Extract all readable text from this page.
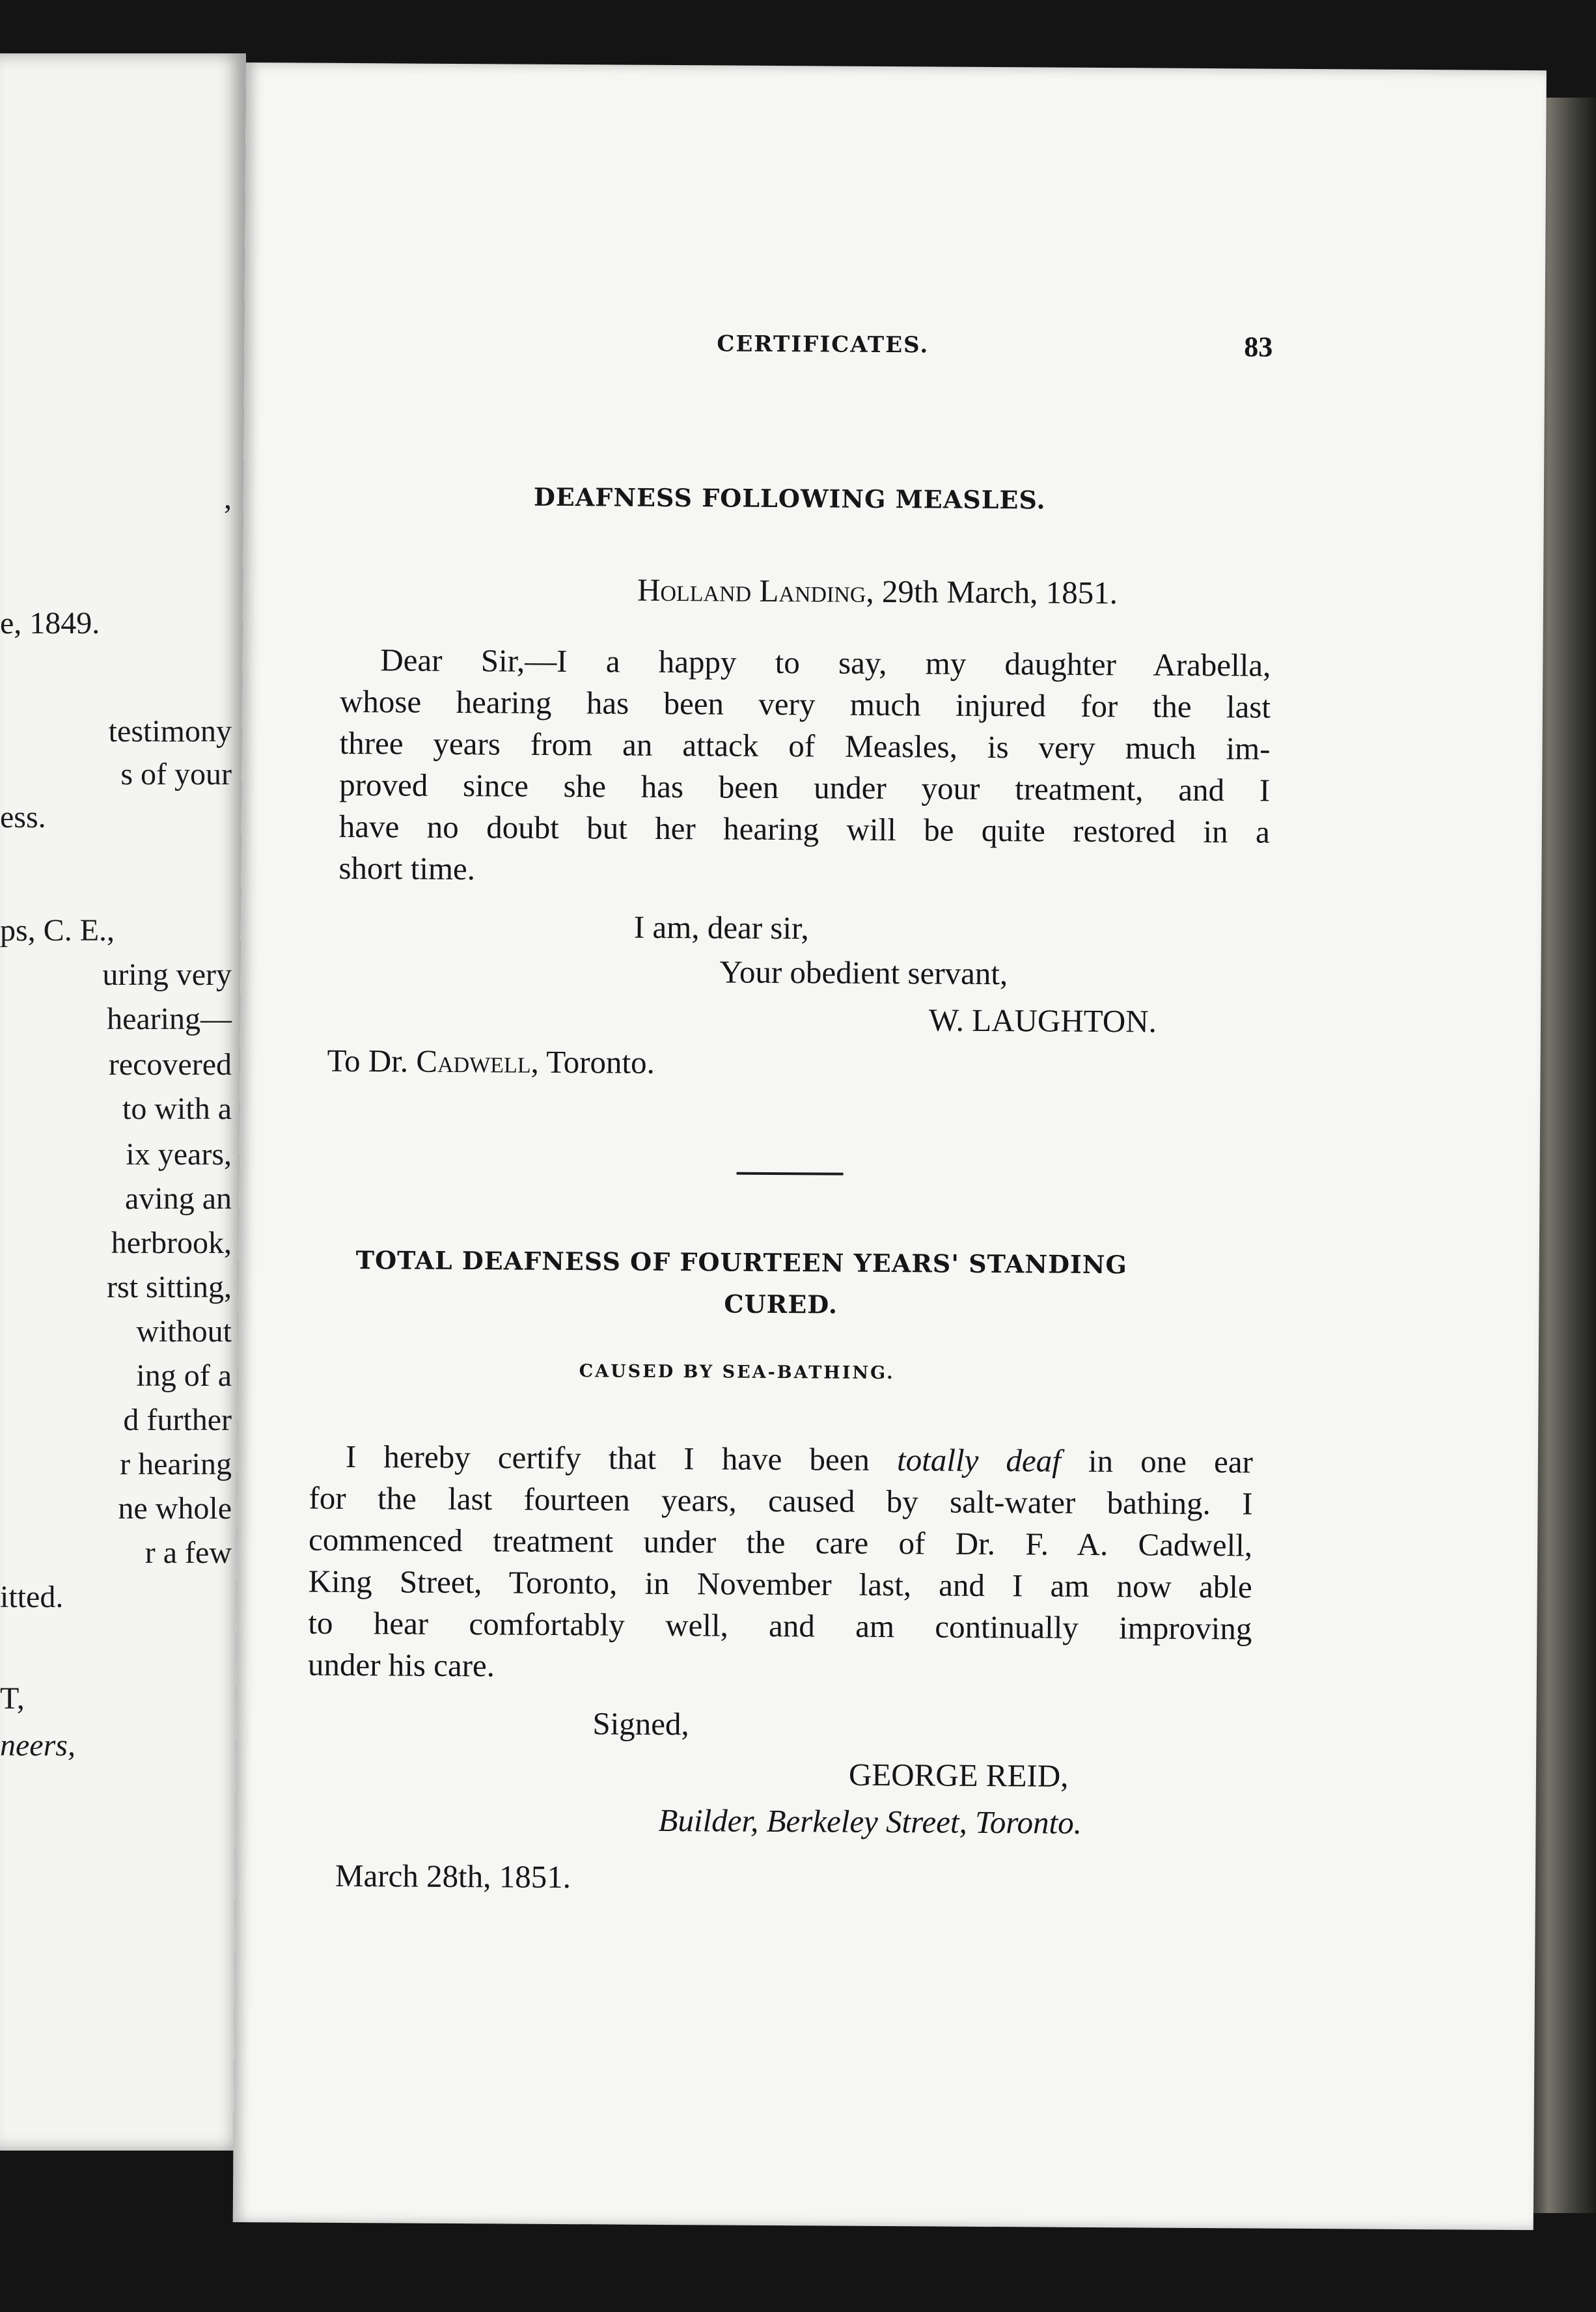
,
e, 1849.
testimony
s of your
ess.
ps, C. E.,
uring very
hearing—
recovered
to with a
ix years,
aving an
herbrook,
rst sitting,
without
ing of a
d further
r hearing
ne whole
r a few
itted.
T,
neers,
CERTIFICATES.	83
DEAFNESS FOLLOWING MEASLES.
Holland Landing, 29th March, 1851.
Dear Sir,—I a happy to say, my daughter Arabella,
whose hearing has been very much injured for the last
three years from an attack of Measles, is very much im-
proved since she has been under your treatment, and I
have no doubt but her hearing will be quite restored in a
short time.
I am, dear sir,
Your obedient servant,
W. LAUGHTON.
To Dr. Cadwell, Toronto.
TOTAL DEAFNESS OF FOURTEEN YEARS' STANDING
CURED.
CAUSED BY SEA-BATHING.
I hereby certify that I have been totally deaf in one ear
for the last fourteen years, caused by salt-water bathing. I
commenced treatment under the care of Dr. F. A. Cadwell,
King Street, Toronto, in November last, and I am now able
to hear comfortably well, and am continually improving
under his care.
Signed,
GEORGE REID,
Builder, Berkeley Street, Toronto.
March 28th, 1851.
